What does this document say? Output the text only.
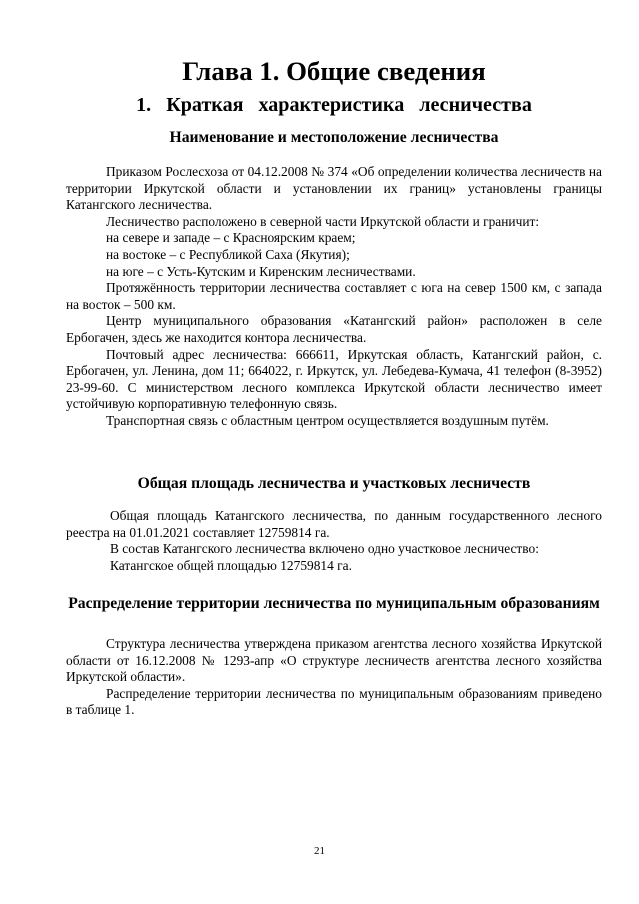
Глава 1. Общие сведения
1. Краткая характеристика лесничества
Наименование и местоположение лесничества

Приказом Рослесхоза от 04.12.2008 № 374 «Об определении количества лесничеств на территории Иркутской области и установлении их границ» установлены границы Катангского лесничества.

Лесничество расположено в северной части Иркутской области и граничит:

на севере и западе – с Красноярским краем;

на востоке – с Республикой Саха (Якутия);

на юге – с Усть-Кутским и Киренским лесничествами.

Протяжённость территории лесничества составляет с юга на север 1500 км, с запада на восток – 500 км.

Центр муниципального образования «Катангский район» расположен в селе Ербогачен, здесь же находится контора лесничества.

Почтовый адрес лесничества: 666611, Иркутская область, Катангский район, с. Ербогачен, ул. Ленина, дом 11; 664022, г. Иркутск, ул. Лебедева-Кумача, 41 телефон (8-3952) 23-99-60. С министерством лесного комплекса Иркутской области лесничество имеет устойчивую корпоративную телефонную связь.

Транспортная связь с областным центром осуществляется воздушным путём.

Общая площадь лесничества и участковых лесничеств

Общая площадь Катангского лесничества, по данным государственного лесного реестра на 01.01.2021 составляет 12759814 га.

В состав Катангского лесничества включено одно участковое лесничество:

Катангское общей площадью 12759814 га.

Распределение территории лесничества по муниципальным образованиям

Структура лесничества утверждена приказом агентства лесного хозяйства Иркутской области от 16.12.2008 № 1293-апр «О структуре лесничеств агентства лесного хозяйства Иркутской области».

Распределение территории лесничества по муниципальным образованиям приведено в таблице 1.

21
